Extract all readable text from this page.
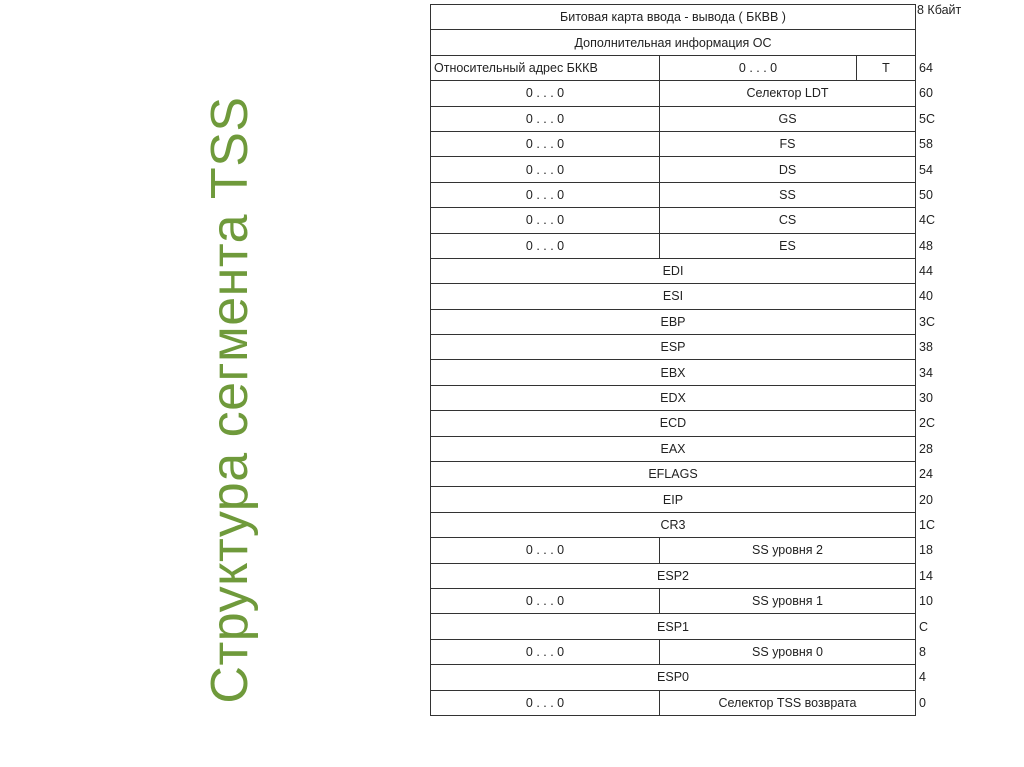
Структура сегмента TSS
Битовая карта ввода - вывода ( БКВВ )
8 Кбайт
Дополнительная информация ОС
Относительный адрес БККВ	0 . . . 0	T	64
0 . . . 0	Селектор LDT	60
0 . . . 0	GS	5C
0 . . . 0	FS	58
0 . . . 0	DS	54
0 . . . 0	SS	50
0 . . . 0	CS	4C
0 . . . 0	ES	48
EDI	44
ESI	40
EBP	3C
ESP	38
EBX	34
EDX	30
ECD	2C
EAX	28
EFLAGS	24
EIP	20
CR3	1C
0 . . . 0	SS уровня 2	18
ESP2	14
0 . . . 0	SS уровня 1	10
ESP1	C
0 . . . 0	SS уровня 0	8
ESP0	4
0 . . . 0	Селектор TSS возврата	0
